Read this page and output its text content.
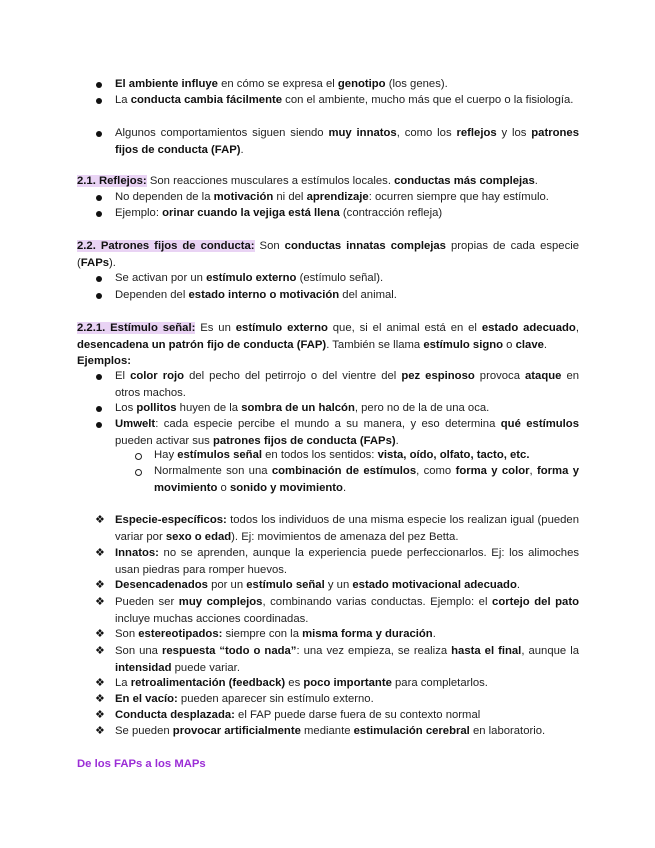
El ambiente influye en cómo se expresa el genotipo (los genes).
La conducta cambia fácilmente con el ambiente, mucho más que el cuerpo o la fisiología.
Algunos comportamientos siguen siendo muy innatos, como los reflejos y los patrones fijos de conducta (FAP).
2.1. Reflejos: Son reacciones musculares a estímulos locales. conductas más complejas.
No dependen de la motivación ni del aprendizaje: ocurren siempre que hay estímulo.
Ejemplo: orinar cuando la vejiga está llena (contracción refleja)
2.2. Patrones fijos de conducta: Son conductas innatas complejas propias de cada especie (FAPs).
Se activan por un estímulo externo (estímulo señal).
Dependen del estado interno o motivación del animal.
2.2.1. Estímulo señal: Es un estímulo externo que, si el animal está en el estado adecuado, desencadena un patrón fijo de conducta (FAP). También se llama estímulo signo o clave.
Ejemplos:
El color rojo del pecho del petirrojo o del vientre del pez espinoso provoca ataque en otros machos.
Los pollitos huyen de la sombra de un halcón, pero no de la de una oca.
Umwelt: cada especie percibe el mundo a su manera, y eso determina qué estímulos pueden activar sus patrones fijos de conducta (FAPs).
Hay estímulos señal en todos los sentidos: vista, oído, olfato, tacto, etc.
Normalmente son una combinación de estímulos, como forma y color, forma y movimiento o sonido y movimiento.
❖ Especie-específicos: todos los individuos de una misma especie los realizan igual (pueden variar por sexo o edad). Ej: movimientos de amenaza del pez Betta.
❖ Innatos: no se aprenden, aunque la experiencia puede perfeccionarlos. Ej: los alimoches usan piedras para romper huevos.
❖ Desencadenados por un estímulo señal y un estado motivacional adecuado.
❖ Pueden ser muy complejos, combinando varias conductas. Ejemplo: el cortejo del pato incluye muchas acciones coordinadas.
❖ Son estereotipados: siempre con la misma forma y duración.
❖ Son una respuesta “todo o nada”: una vez empieza, se realiza hasta el final, aunque la intensidad puede variar.
❖ La retroalimentación (feedback) es poco importante para completarlos.
❖ En el vacío: pueden aparecer sin estímulo externo.
❖ Conducta desplazada: el FAP puede darse fuera de su contexto normal
❖ Se pueden provocar artificialmente mediante estimulación cerebral en laboratorio.
De los FAPs a los MAPs
